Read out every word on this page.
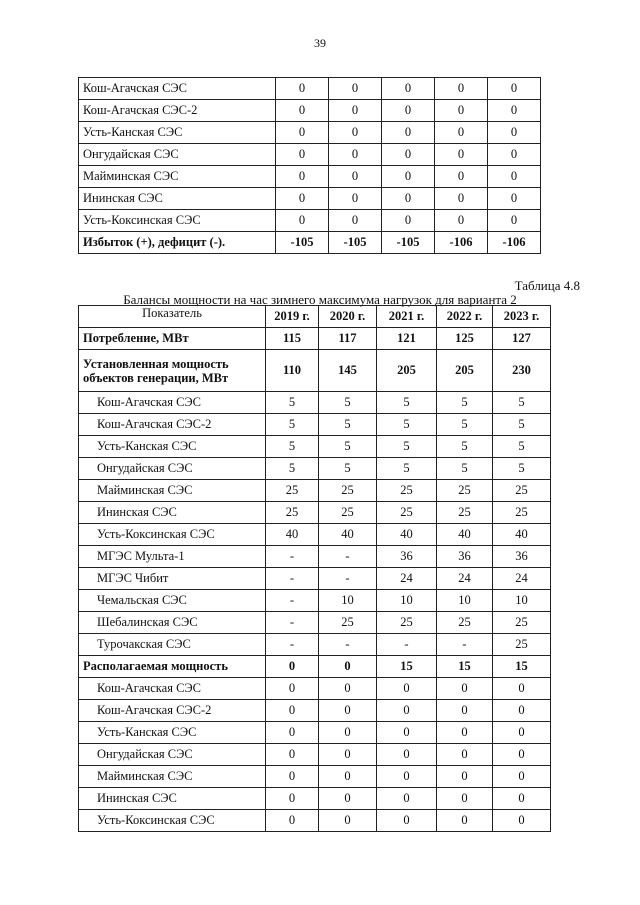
39
Кош-Агачская СЭС	0	0	0	0	0
Кош-Агачская СЭС-2	0	0	0	0	0
Усть-Канская СЭС	0	0	0	0	0
Онгудайская СЭС	0	0	0	0	0
Майминская СЭС	0	0	0	0	0
Ининская СЭС	0	0	0	0	0
Усть-Коксинская СЭС	0	0	0	0	0
Избыток (+), дефицит (-).	-105	-105	-105	-106	-106
Таблица 4.8
Балансы мощности на час зимнего максимума нагрузок для варианта 2
Показатель	2019 г.	2020 г.	2021 г.	2022 г.	2023 г.
Потребление, МВт	115	117	121	125	127
Установленная мощность объектов генерации, МВт	110	145	205	205	230
Кош-Агачская СЭС	5	5	5	5	5
Кош-Агачская СЭС-2	5	5	5	5	5
Усть-Канская СЭС	5	5	5	5	5
Онгудайская СЭС	5	5	5	5	5
Майминская СЭС	25	25	25	25	25
Ининская СЭС	25	25	25	25	25
Усть-Коксинская СЭС	40	40	40	40	40
МГЭС Мульта-1	-	-	36	36	36
МГЭС Чибит	-	-	24	24	24
Чемальская СЭС	-	10	10	10	10
Шебалинская СЭС	-	25	25	25	25
Турочакская СЭС	-	-	-	-	25
Располагаемая мощность	0	0	15	15	15
Кош-Агачская СЭС	0	0	0	0	0
Кош-Агачская СЭС-2	0	0	0	0	0
Усть-Канская СЭС	0	0	0	0	0
Онгудайская СЭС	0	0	0	0	0
Майминская СЭС	0	0	0	0	0
Ининская СЭС	0	0	0	0	0
Усть-Коксинская СЭС	0	0	0	0	0
